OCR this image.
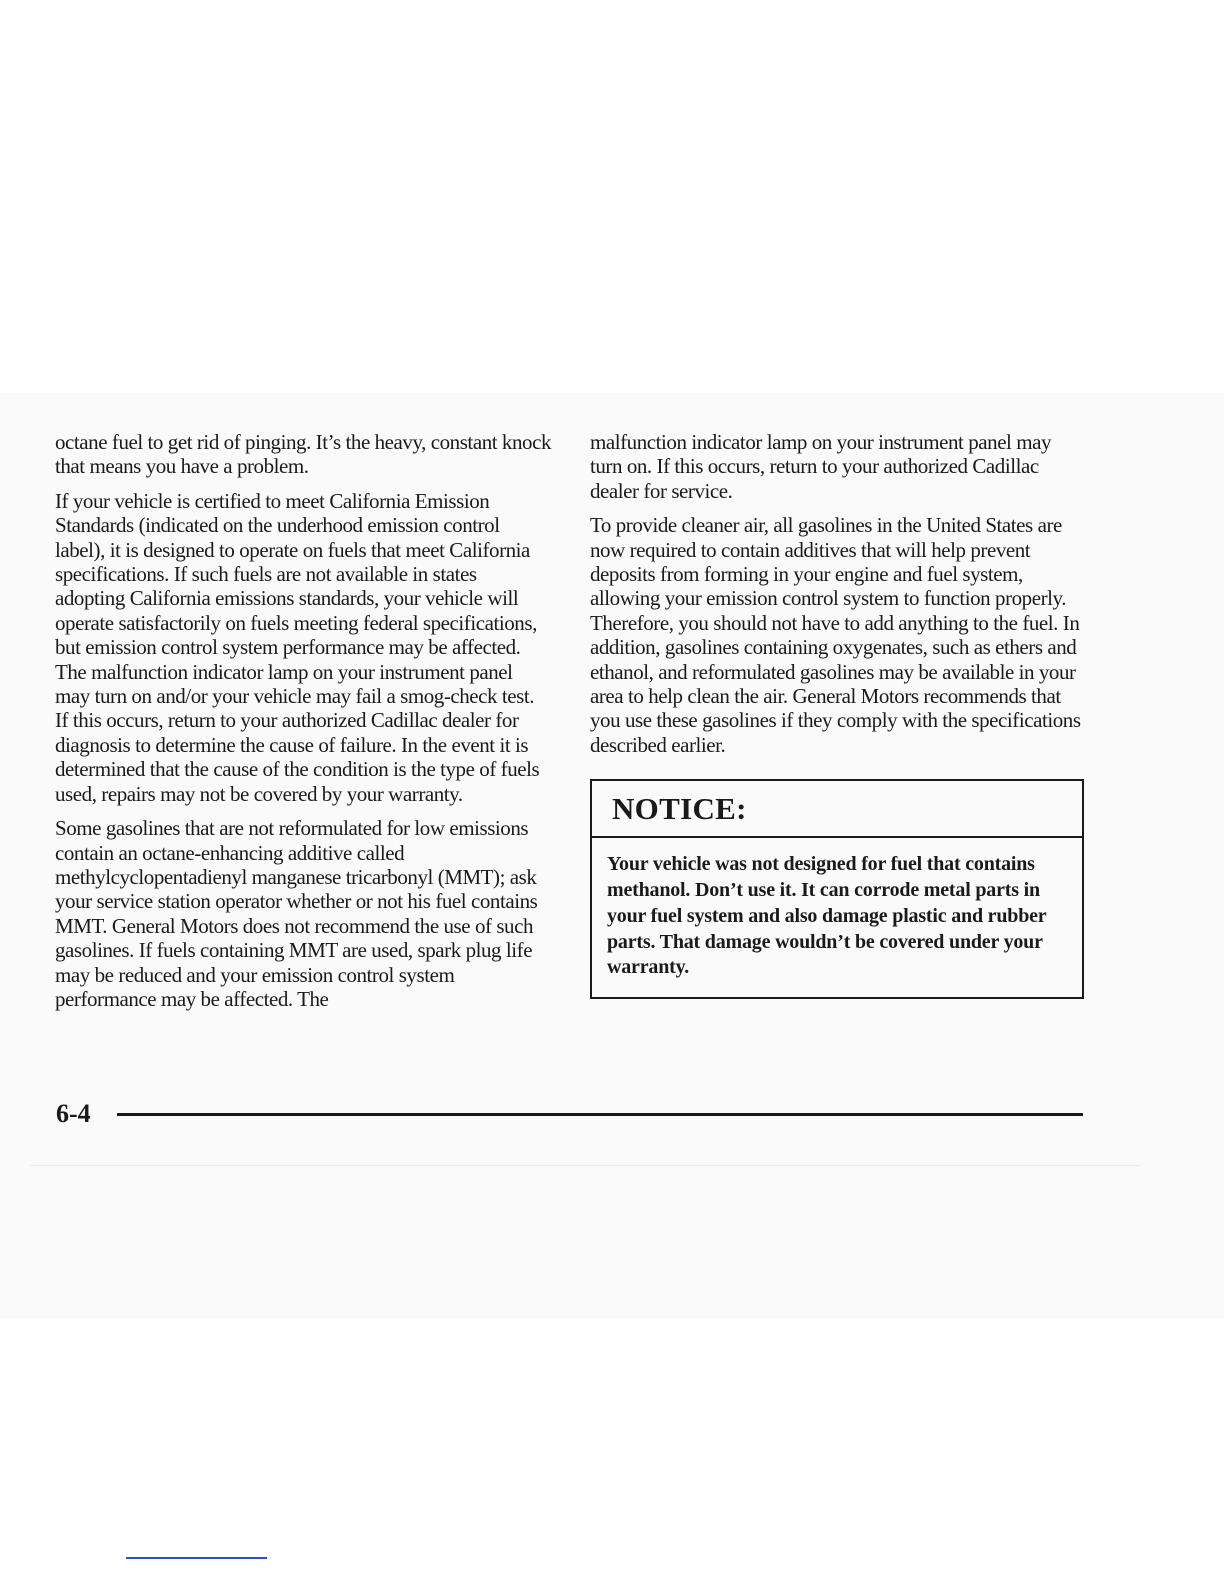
octane fuel to get rid of pinging. It’s the heavy, constant knock that means you have a problem.

If your vehicle is certified to meet California Emission Standards (indicated on the underhood emission control label), it is designed to operate on fuels that meet California specifications. If such fuels are not available in states adopting California emissions standards, your vehicle will operate satisfactorily on fuels meeting federal specifications, but emission control system performance may be affected. The malfunction indicator lamp on your instrument panel may turn on and/or your vehicle may fail a smog-check test. If this occurs, return to your authorized Cadillac dealer for diagnosis to determine the cause of failure. In the event it is determined that the cause of the condition is the type of fuels used, repairs may not be covered by your warranty.

Some gasolines that are not reformulated for low emissions contain an octane-enhancing additive called methylcyclopentadienyl manganese tricarbonyl (MMT); ask your service station operator whether or not his fuel contains MMT. General Motors does not recommend the use of such gasolines. If fuels containing MMT are used, spark plug life may be reduced and your emission control system performance may be affected. The

malfunction indicator lamp on your instrument panel may turn on. If this occurs, return to your authorized Cadillac dealer for service.

To provide cleaner air, all gasolines in the United States are now required to contain additives that will help prevent deposits from forming in your engine and fuel system, allowing your emission control system to function properly. Therefore, you should not have to add anything to the fuel. In addition, gasolines containing oxygenates, such as ethers and ethanol, and reformulated gasolines may be available in your area to help clean the air. General Motors recommends that you use these gasolines if they comply with the specifications described earlier.

NOTICE:
Your vehicle was not designed for fuel that contains methanol. Don’t use it. It can corrode metal parts in your fuel system and also damage plastic and rubber parts. That damage wouldn’t be covered under your warranty.
6-4
